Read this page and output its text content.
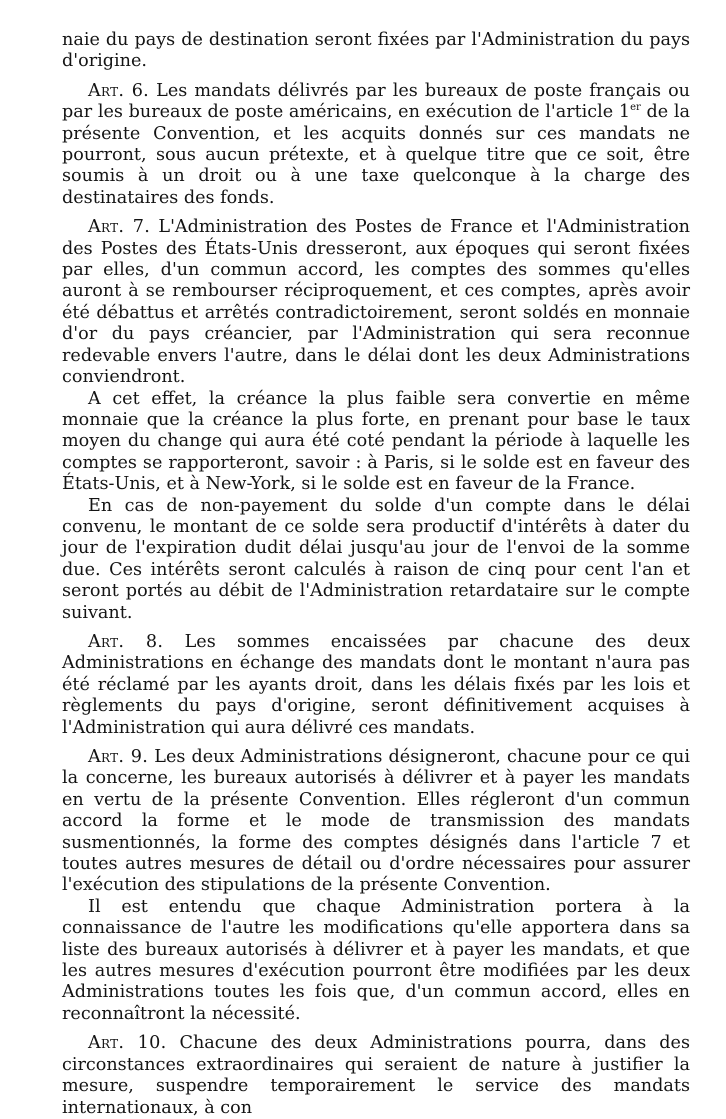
naie du pays de destination seront fixées par l'Administration du pays d'origine.

Art. 6. Les mandats délivrés par les bureaux de poste français ou par les bureaux de poste américains, en exécution de l'article 1er de la présente Convention, et les acquits donnés sur ces mandats ne pourront, sous aucun prétexte, et à quelque titre que ce soit, être soumis à un droit ou à une taxe quelconque à la charge des destinataires des fonds.

Art. 7. L'Administration des Postes de France et l'Administration des Postes des États-Unis dresseront, aux époques qui seront fixées par elles, d'un commun accord, les comptes des sommes qu'elles auront à se rembourser réciproquement, et ces comptes, après avoir été débattus et arrêtés contradictoirement, seront soldés en monnaie d'or du pays créancier, par l'Administration qui sera reconnue redevable envers l'autre, dans le délai dont les deux Administrations conviendront.

A cet effet, la créance la plus faible sera convertie en même monnaie que la créance la plus forte, en prenant pour base le taux moyen du change qui aura été coté pendant la période à laquelle les comptes se rapporteront, savoir : à Paris, si le solde est en faveur des États-Unis, et à New-York, si le solde est en faveur de la France.

En cas de non-payement du solde d'un compte dans le délai convenu, le montant de ce solde sera productif d'intérêts à dater du jour de l'expiration dudit délai jusqu'au jour de l'envoi de la somme due. Ces intérêts seront calculés à raison de cinq pour cent l'an et seront portés au débit de l'Administration retardataire sur le compte suivant.

Art. 8. Les sommes encaissées par chacune des deux Administrations en échange des mandats dont le montant n'aura pas été réclamé par les ayants droit, dans les délais fixés par les lois et règlements du pays d'origine, seront définitivement acquises à l'Administration qui aura délivré ces mandats.

Art. 9. Les deux Administrations désigneront, chacune pour ce qui la concerne, les bureaux autorisés à délivrer et à payer les mandats en vertu de la présente Convention. Elles régleront d'un commun accord la forme et le mode de transmission des mandats susmentionnés, la forme des comptes désignés dans l'article 7 et toutes autres mesures de détail ou d'ordre nécessaires pour assurer l'exécution des stipulations de la présente Convention.

Il est entendu que chaque Administration portera à la connaissance de l'autre les modifications qu'elle apportera dans sa liste des bureaux autorisés à délivrer et à payer les mandats, et que les autres mesures d'exécution pourront être modifiées par les deux Administrations toutes les fois que, d'un commun accord, elles en reconnaîtront la nécessité.

Art. 10. Chacune des deux Administrations pourra, dans des circonstances extraordinaires qui seraient de nature à justifier la mesure, suspendre temporairement le service des mandats internationaux, à con
